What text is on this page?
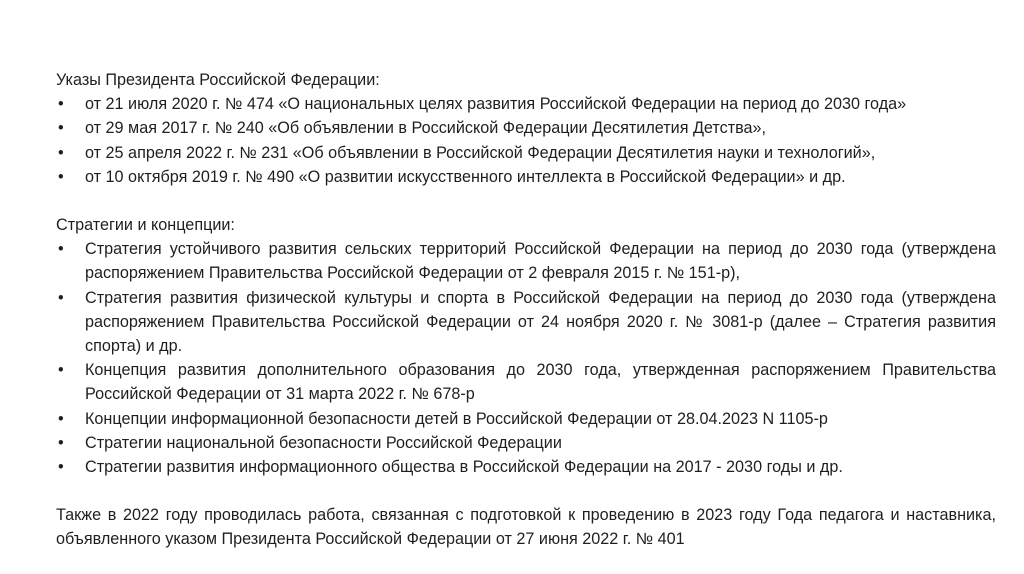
Указы Президента Российской Федерации:

• от 21 июля 2020 г. № 474 «О национальных целях развития Российской Федерации на период до 2030 года»
• от 29 мая 2017 г. № 240 «Об объявлении в Российской Федерации Десятилетия Детства»,
• от 25 апреля 2022 г. № 231 «Об объявлении в Российской Федерации Десятилетия науки и технологий»,
• от 10 октября 2019 г. № 490 «О развитии искусственного интеллекта в Российской Федерации» и др.

Стратегии и концепции:

• Стратегия устойчивого развития сельских территорий Российской Федерации на период до 2030 года (утверждена распоряжением Правительства Российской Федерации от 2 февраля 2015 г. № 151-р),
• Стратегия развития физической культуры и спорта в Российской Федерации на период до 2030 года (утверждена распоряжением Правительства Российской Федерации от 24 ноября 2020 г. № 3081-р (далее – Стратегия развития спорта) и др.
• Концепция развития дополнительного образования до 2030 года, утвержденная распоряжением Правительства Российской Федерации от 31 марта 2022 г. № 678-р
• Концепции информационной безопасности детей в Российской Федерации от 28.04.2023 N 1105-р
• Стратегии национальной безопасности Российской Федерации
• Стратегии развития информационного общества в Российской Федерации на 2017 - 2030 годы и др.

Также в 2022 году проводилась работа, связанная с подготовкой к проведению в 2023 году Года педагога и наставника, объявленного указом Президента Российской Федерации от 27 июня 2022 г. № 401
